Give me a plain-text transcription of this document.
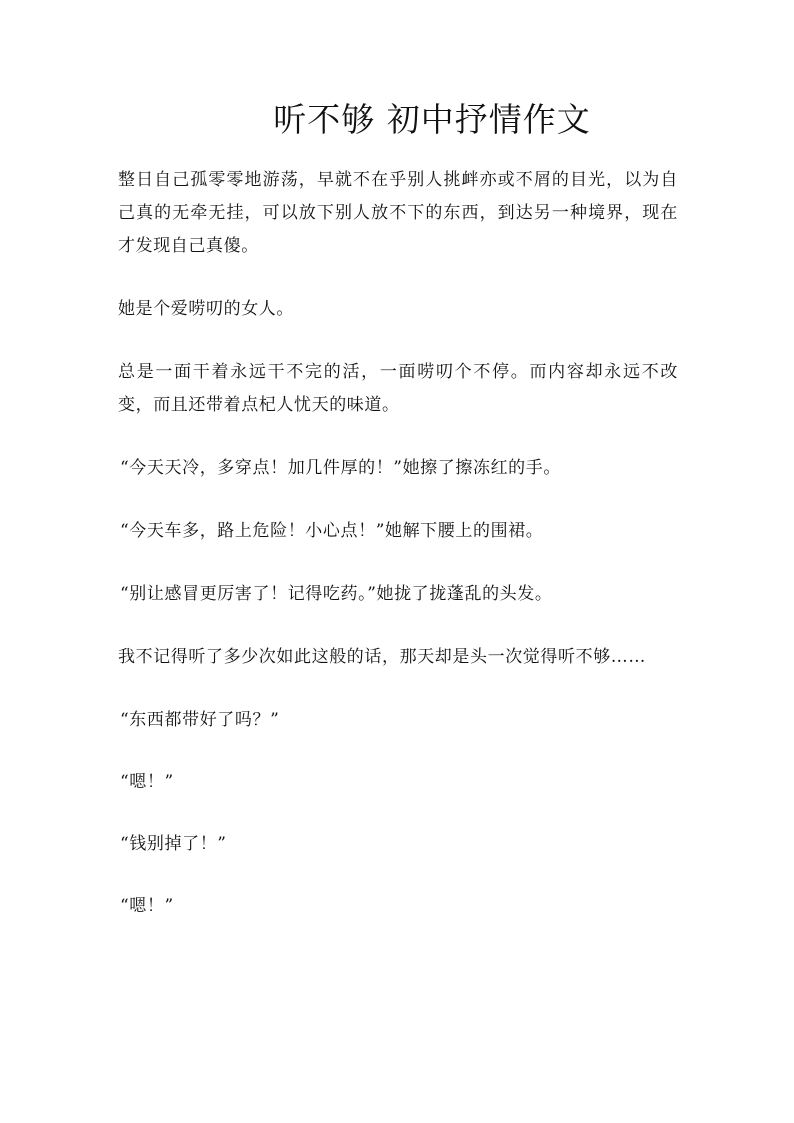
听不够 初中抒情作文

整日自己孤零零地游荡，早就不在乎别人挑衅亦或不屑的目光，以为自己真的无牵无挂，可以放下别人放不下的东西，到达另一种境界，现在才发现自己真傻。

她是个爱唠叨的女人。

总是一面干着永远干不完的活，一面唠叨个不停。而内容却永远不改变，而且还带着点杞人忧天的味道。

“今天天冷，多穿点！加几件厚的！”她擦了擦冻红的手。

“今天车多，路上危险！小心点！”她解下腰上的围裙。

“别让感冒更厉害了！记得吃药。”她拢了拢蓬乱的头发。

我不记得听了多少次如此这般的话，那天却是头一次觉得听不够……

“东西都带好了吗？”

“嗯！”

“钱别掉了！”

“嗯！”
